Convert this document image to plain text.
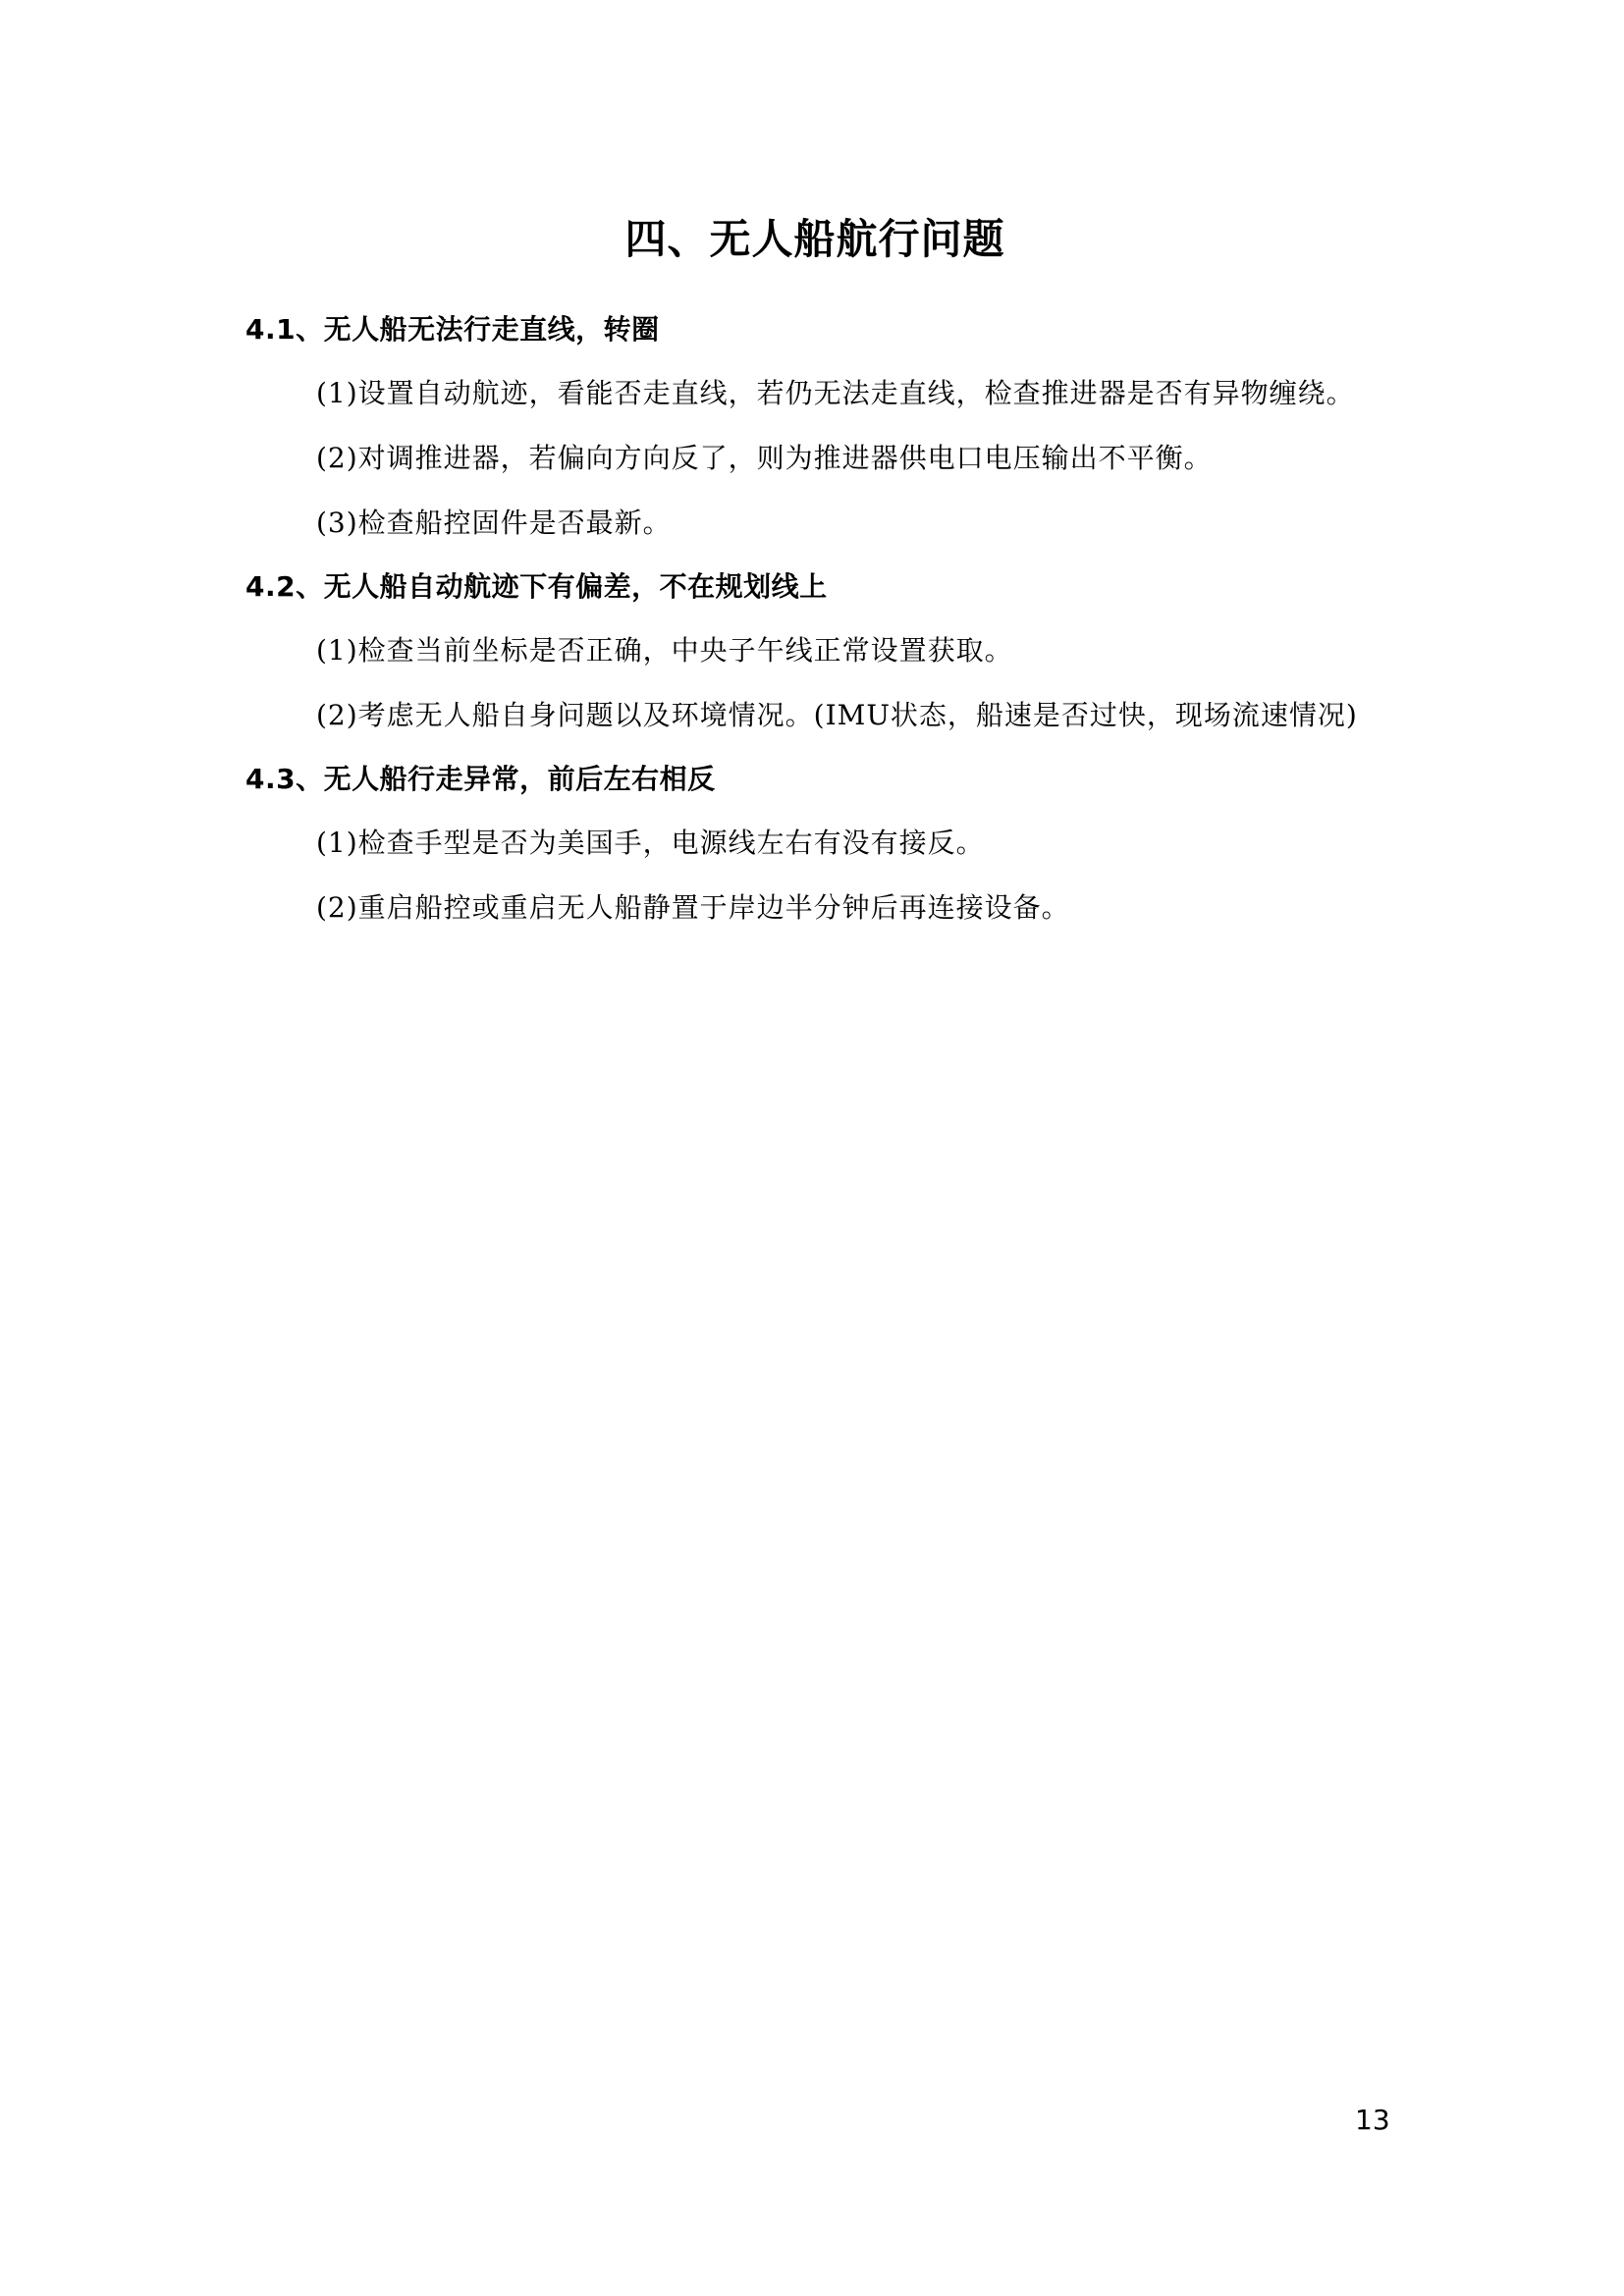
四、无人船航行问题
4.1、无人船无法行走直线，转圈

(1)设置自动航迹，看能否走直线，若仍无法走直线，检查推进器是否有异物缠绕。

(2)对调推进器，若偏向方向反了，则为推进器供电口电压输出不平衡。

(3)检查船控固件是否最新。

4.2、无人船自动航迹下有偏差，不在规划线上

(1)检查当前坐标是否正确，中央子午线正常设置获取。

(2)考虑无人船自身问题以及环境情况。(IMU状态，船速是否过快，现场流速情况)

4.3、无人船行走异常，前后左右相反

(1)检查手型是否为美国手，电源线左右有没有接反。

(2)重启船控或重启无人船静置于岸边半分钟后再连接设备。

13
